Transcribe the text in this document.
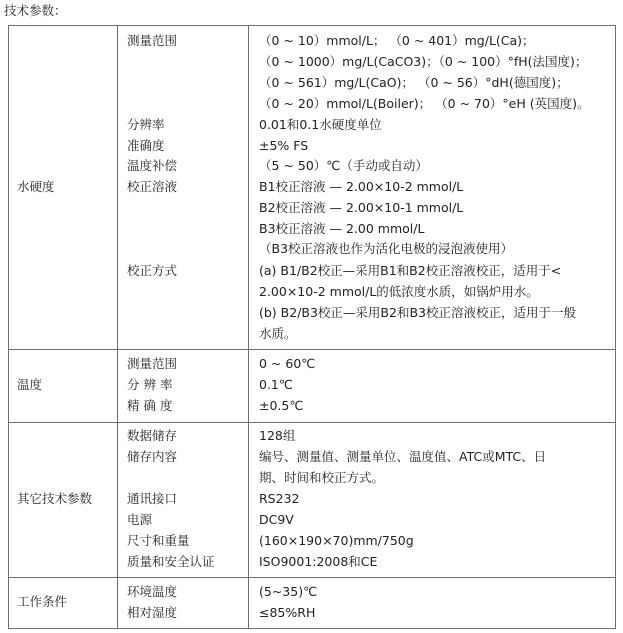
技术参数：
水硬度
测量范围	（0 ~ 10）mmol/L； （0 ~ 401）mg/L(Ca)；
（0 ~ 1000）mg/L(CaCO3)；（0 ~ 100）°fH(法国度)；
（0 ~ 561）mg/L(CaO)； （0 ~ 56）°dH(德国度)；
（0 ~ 20）mmol/L(Boiler)； （0 ~ 70）°eH (英国度)。
分辨率	0.01和0.1水硬度单位
准确度	±5% FS
温度补偿	（5 ~ 50）℃（手动或自动）
校正溶液	B1校正溶液 — 2.00×10-2 mmol/L
B2校正溶液 — 2.00×10-1 mmol/L
B3校正溶液 — 2.00 mmol/L
（B3校正溶液也作为活化电极的浸泡液使用）
校正方式	(a) B1/B2校正—采用B1和B2校正溶液校正，适用于<
2.00×10-2 mmol/L的低浓度水质，如锅炉用水。
(b) B2/B3校正—采用B2和B3校正溶液校正，适用于一般
水质。
温度
测量范围	0 ~ 60℃
分 辨 率	0.1℃
精 确 度	±0.5℃
其它技术参数
数据储存	128组
储存内容	编号、测量值、测量单位、温度值、ATC或MTC、日
期、时间和校正方式。
通讯接口	RS232
电源	DC9V
尺寸和重量	(160×190×70)mm/750g
质量和安全认证	ISO9001:2008和CE
工作条件
环境温度	(5~35)℃
相对湿度	≤85%RH
